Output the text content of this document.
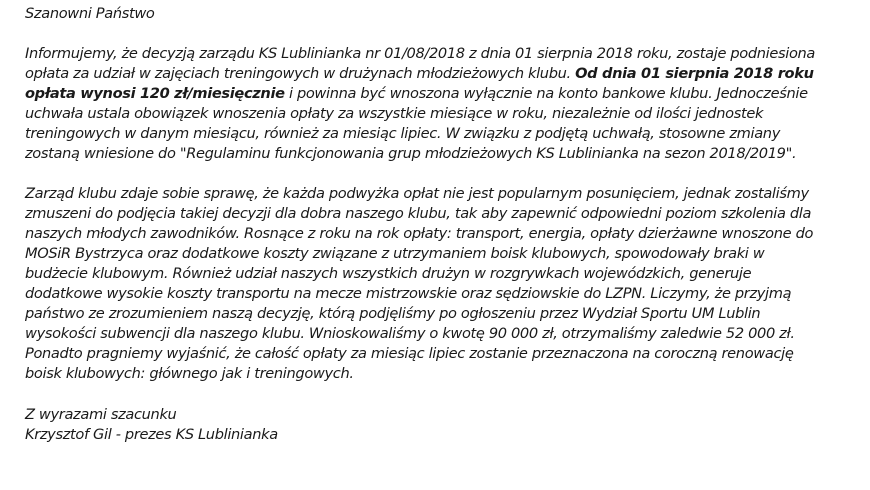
Szanowni Państwo

Informujemy, że decyzją zarządu KS Lublinianka nr 01/08/2018 z dnia 01 sierpnia 2018 roku, zostaje podniesiona
opłata za udział w zajęciach treningowych w drużynach młodzieżowych klubu. Od dnia 01 sierpnia 2018 roku
opłata wynosi 120 zł/miesięcznie i powinna być wnoszona wyłącznie na konto bankowe klubu. Jednocześnie
uchwała ustala obowiązek wnoszenia opłaty za wszystkie miesiące w roku, niezależnie od ilości jednostek
treningowych w danym miesiącu, również za miesiąc lipiec. W związku z podjętą uchwałą, stosowne zmiany
zostaną wniesione do "Regulaminu funkcjonowania grup młodzieżowych KS Lublinianka na sezon 2018/2019".

Zarząd klubu zdaje sobie sprawę, że każda podwyżka opłat nie jest popularnym posunięciem, jednak zostaliśmy
zmuszeni do podjęcia takiej decyzji dla dobra naszego klubu, tak aby zapewnić odpowiedni poziom szkolenia dla
naszych młodych zawodników. Rosnące z roku na rok opłaty: transport, energia, opłaty dzierżawne wnoszone do
MOSiR Bystrzyca oraz dodatkowe koszty związane z utrzymaniem boisk klubowych, spowodowały braki w
budżecie klubowym. Również udział naszych wszystkich drużyn w rozgrywkach wojewódzkich, generuje
dodatkowe wysokie koszty transportu na mecze mistrzowskie oraz sędziowskie do LZPN. Liczymy, że przyjmą
państwo ze zrozumieniem naszą decyzję, którą podjęliśmy po ogłoszeniu przez Wydział Sportu UM Lublin
wysokości subwencji dla naszego klubu. Wnioskowaliśmy o kwotę 90 000 zł, otrzymaliśmy zaledwie 52 000 zł.
Ponadto pragniemy wyjaśnić, że całość opłaty za miesiąc lipiec zostanie przeznaczona na coroczną renowację
boisk klubowych: głównego jak i treningowych.

Z wyrazami szacunku
Krzysztof Gil - prezes KS Lublinianka
